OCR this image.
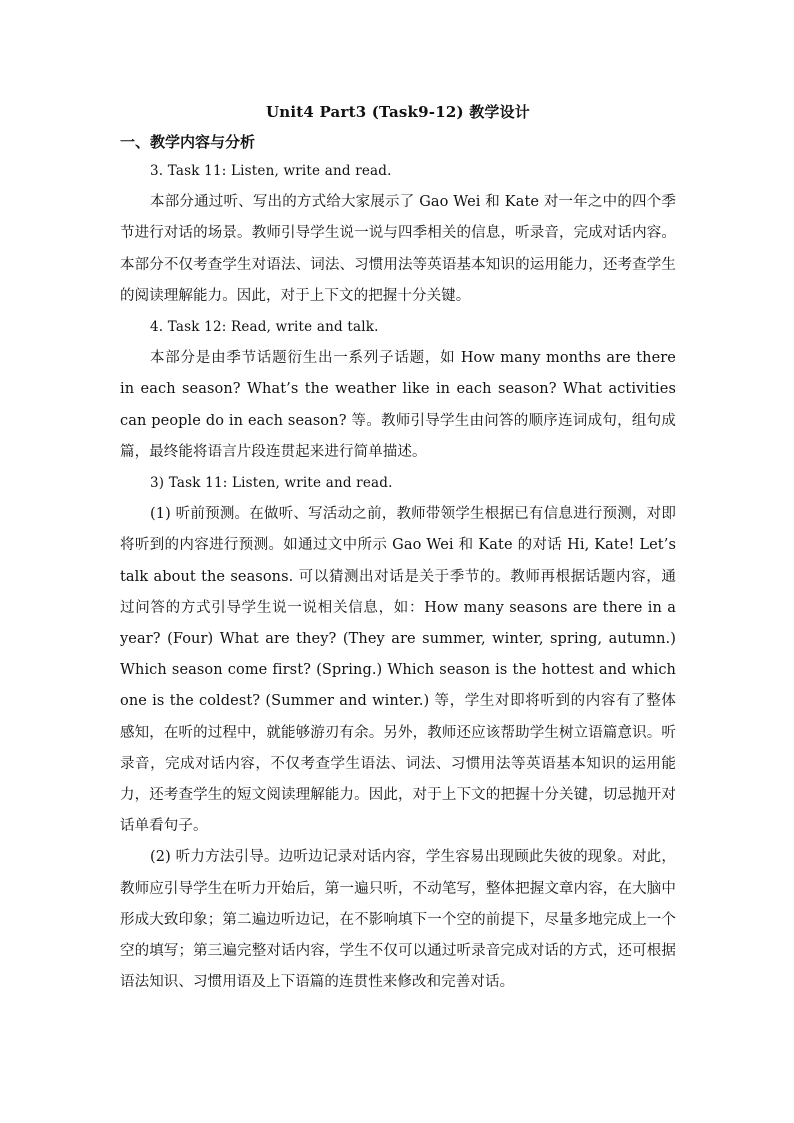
Unit4 Part3 (Task9-12) 教学设计

一、教学内容与分析

3. Task 11: Listen, write and read.

本部分通过听、写出的方式给大家展示了 Gao Wei 和 Kate 对一年之中的四个季节进行对话的场景。教师引导学生说一说与四季相关的信息，听录音，完成对话内容。本部分不仅考查学生对语法、词法、习惯用法等英语基本知识的运用能力，还考查学生的阅读理解能力。因此，对于上下文的把握十分关键。

4. Task 12: Read, write and talk.

本部分是由季节话题衍生出一系列子话题，如 How many months are there in each season? What’s the weather like in each season? What activities can people do in each season? 等。教师引导学生由问答的顺序连词成句，组句成篇，最终能将语言片段连贯起来进行简单描述。

3) Task 11: Listen, write and read.

(1) 听前预测。在做听、写活动之前，教师带领学生根据已有信息进行预测，对即将听到的内容进行预测。如通过文中所示 Gao Wei 和 Kate 的对话 Hi, Kate! Let’s talk about the seasons. 可以猜测出对话是关于季节的。教师再根据话题内容，通过问答的方式引导学生说一说相关信息，如：How many seasons are there in a year? (Four) What are they? (They are summer, winter, spring, autumn.) Which season come first? (Spring.) Which season is the hottest and which one is the coldest? (Summer and winter.) 等，学生对即将听到的内容有了整体感知，在听的过程中，就能够游刃有余。另外，教师还应该帮助学生树立语篇意识。听录音，完成对话内容，不仅考查学生语法、词法、习惯用法等英语基本知识的运用能力，还考查学生的短文阅读理解能力。因此，对于上下文的把握十分关键，切忌抛开对话单看句子。

(2) 听力方法引导。边听边记录对话内容，学生容易出现顾此失彼的现象。对此，教师应引导学生在听力开始后，第一遍只听，不动笔写，整体把握文章内容，在大脑中形成大致印象；第二遍边听边记，在不影响填下一个空的前提下，尽量多地完成上一个空的填写；第三遍完整对话内容，学生不仅可以通过听录音完成对话的方式，还可根据语法知识、习惯用语及上下语篇的连贯性来修改和完善对话。
